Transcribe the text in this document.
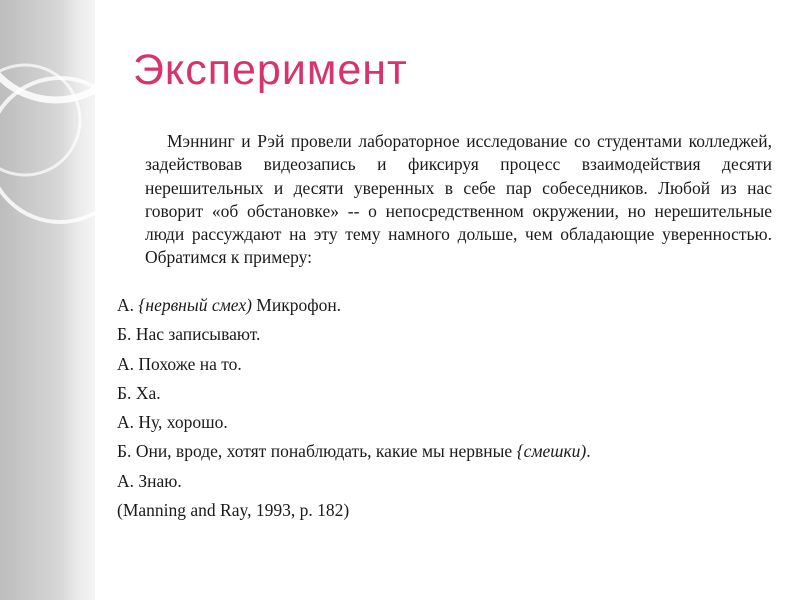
Эксперимент

Мэннинг и Рэй провели лабораторное исследование со студентами колледжей, задействовав видеозапись и фиксируя процесс взаимодействия десяти нерешительных и десяти уверенных в себе пар собеседников. Любой из нас говорит «об обстановке» -- о непосредственном окружении, но нерешительные люди рассуждают на эту тему намного дольше, чем обладающие уверенностью. Обратимся к примеру:

А. {нервный смех) Микрофон.
Б. Нас записывают.
А. Похоже на то.
Б. Ха.
А. Ну, хорошо.
Б. Они, вроде, хотят понаблюдать, какие мы нервные {смешки).
А. Знаю.
(Manning and Ray, 1993, p. 182)
